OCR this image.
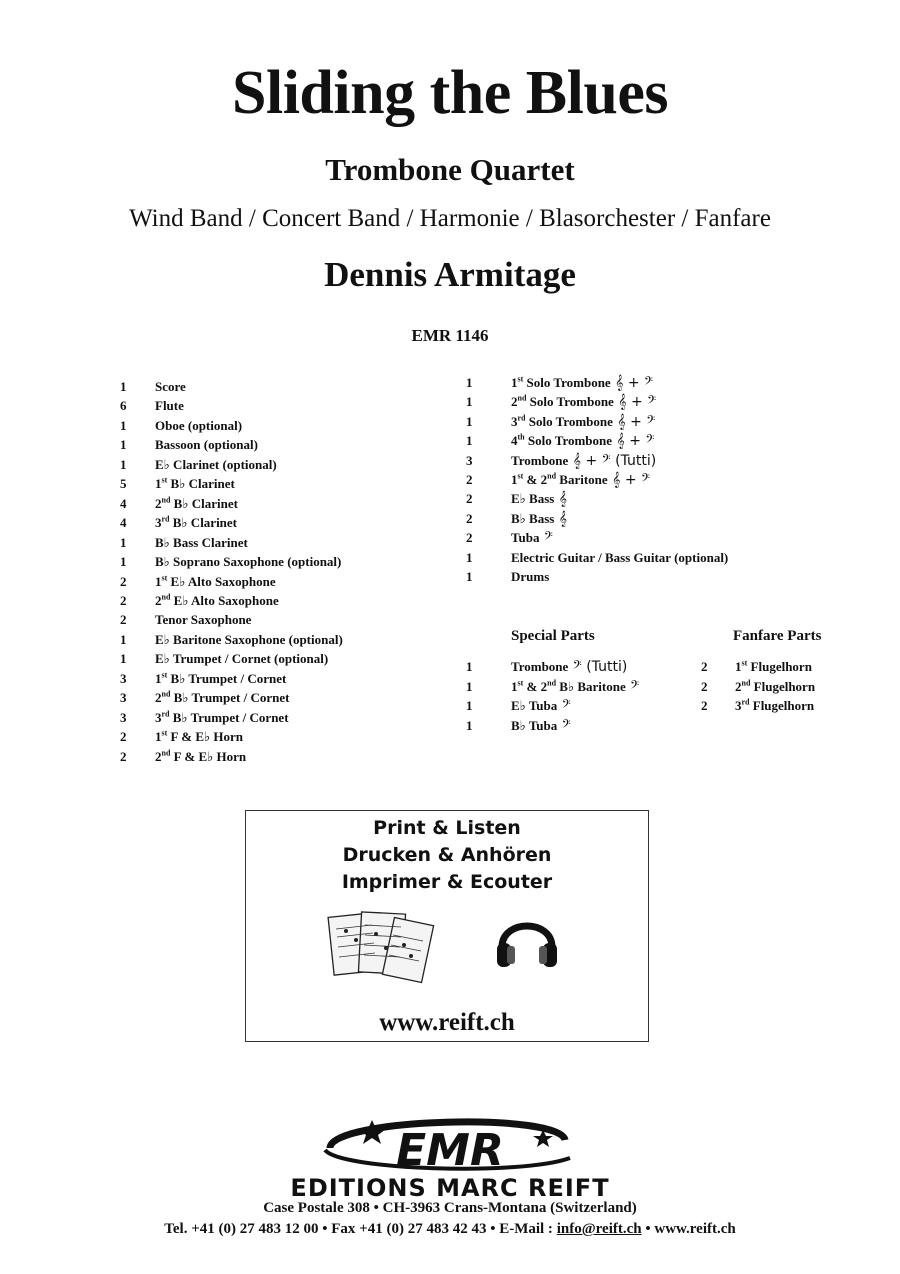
Sliding the Blues
Trombone Quartet
Wind Band / Concert Band / Harmonie / Blasorchester / Fanfare
Dennis Armitage
EMR 1146
1 Score
6 Flute
1 Oboe (optional)
1 Bassoon (optional)
1 E♭ Clarinet (optional)
5 1st B♭ Clarinet
4 2nd B♭ Clarinet
4 3rd B♭ Clarinet
1 B♭ Bass Clarinet
1 B♭ Soprano Saxophone (optional)
2 1st E♭ Alto Saxophone
2 2nd E♭ Alto Saxophone
2 Tenor Saxophone
1 E♭ Baritone Saxophone (optional)
1 E♭ Trumpet / Cornet (optional)
3 1st B♭ Trumpet / Cornet
3 2nd B♭ Trumpet / Cornet
3 3rd B♭ Trumpet / Cornet
2 1st F & E♭ Horn
2 2nd F & E♭ Horn
1	1st Solo Trombone 𝄞 + 𝄢
1	2nd Solo Trombone 𝄞 + 𝄢
1	3rd Solo Trombone 𝄞 + 𝄢
1	4th Solo Trombone 𝄞 + 𝄢
3	Trombone 𝄞 + 𝄢 (Tutti)
2	1st & 2nd Baritone 𝄞 + 𝄢
2	E♭ Bass 𝄞
2	B♭ Bass 𝄞
2	Tuba 𝄢
1	Electric Guitar / Bass Guitar (optional)
1	Drums
Special Parts
1	Trombone 𝄢 (Tutti)
1	1st & 2nd B♭ Baritone 𝄢
1	E♭ Tuba 𝄢
1	B♭ Tuba 𝄢
Fanfare Parts
2 1st Flugelhorn
2 2nd Flugelhorn
2 3rd Flugelhorn
Print & Listen
Drucken & Anhören
Imprimer & Ecouter
www.reift.ch
EMR
EDITIONS MARC REIFT
Case Postale 308 • CH-3963 Crans-Montana (Switzerland)
Tel. +41 (0) 27 483 12 00 • Fax +41 (0) 27 483 42 43 • E-Mail : info@reift.ch • www.reift.ch
